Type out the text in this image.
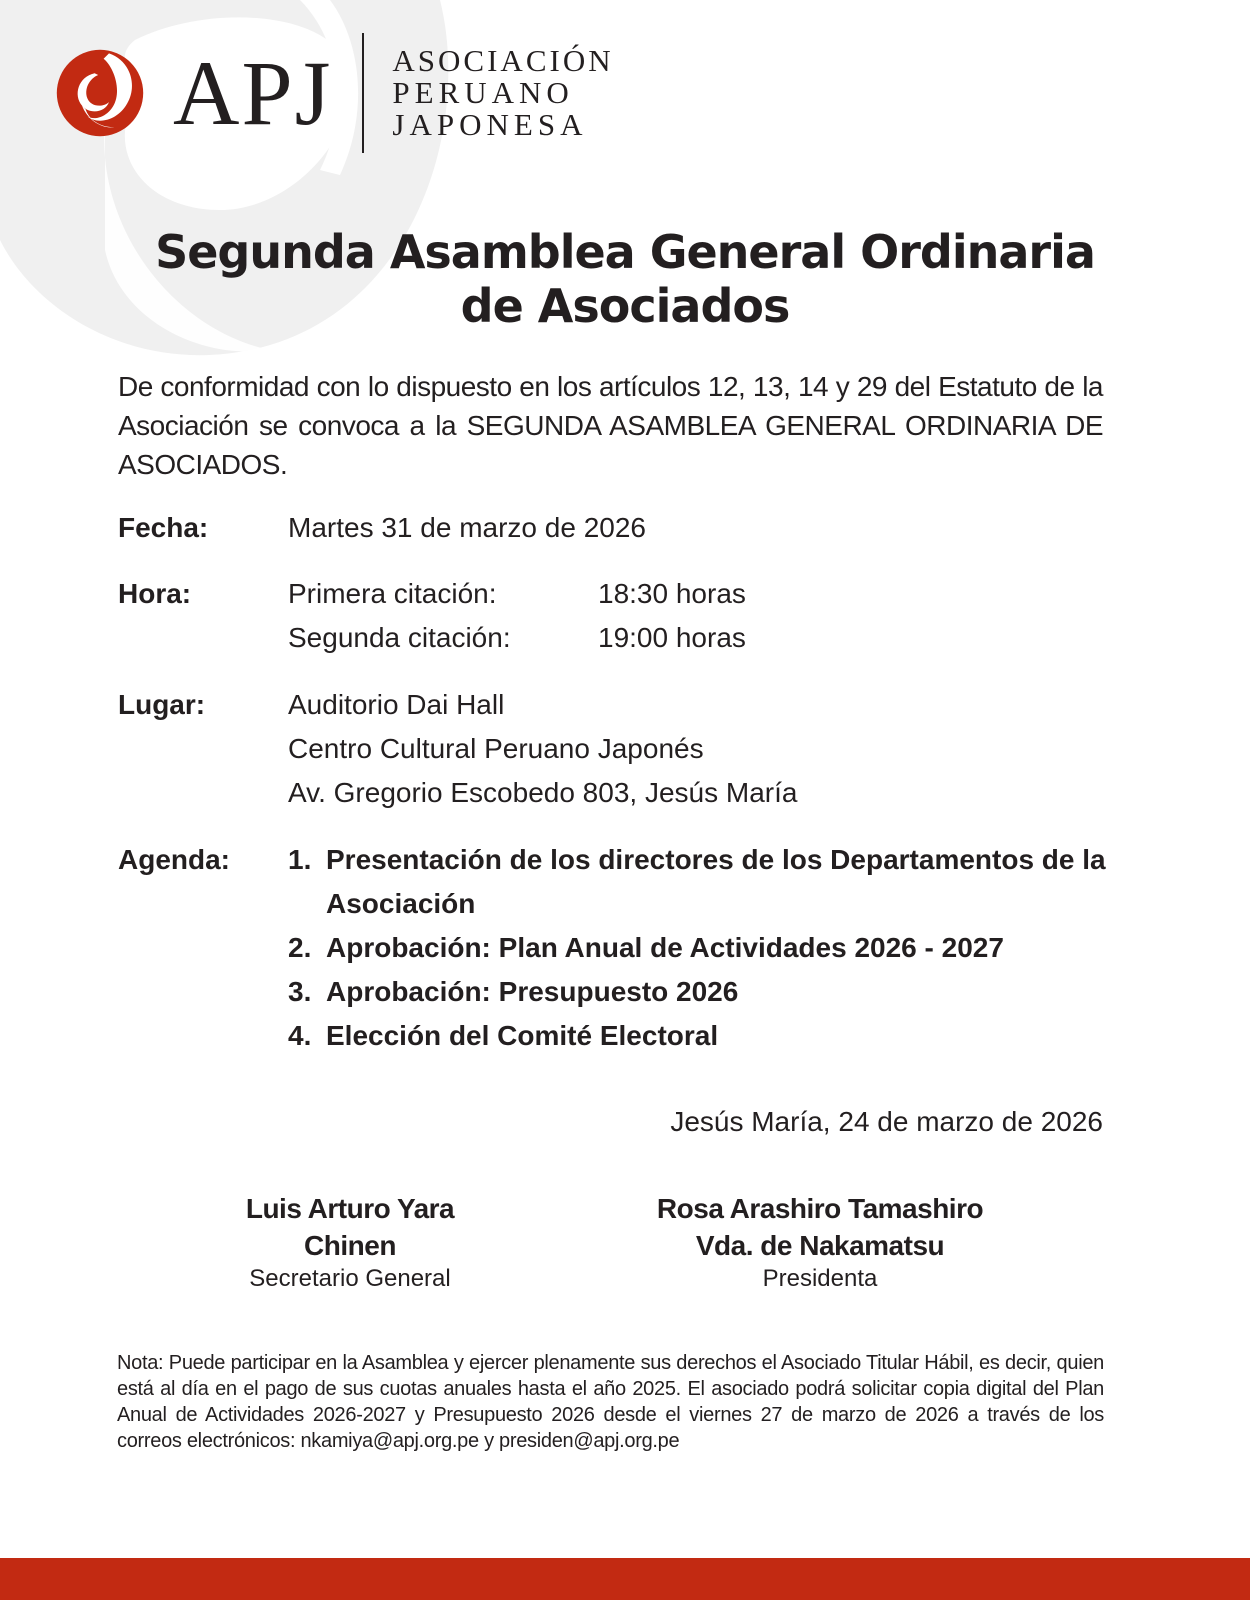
APJ ASOCIACIÓN
PERUANO
JAPONESA
Segunda Asamblea General Ordinaria
de Asociados
De conformidad con lo dispuesto en los artículos 12, 13, 14 y 29 del Estatuto de la Asociación se convoca a la SEGUNDA ASAMBLEA GENERAL ORDINARIA DE ASOCIADOS.
Fecha:	Martes 31 de marzo de 2026
Hora:	Primera citación:	18:30 horas
Segunda citación:	19:00 horas
Lugar:	Auditorio Dai Hall
Centro Cultural Peruano Japonés
Av. Gregorio Escobedo 803, Jesús María
Agenda: 1. Presentación de los directores de los Departamentos de la Asociación
2. Aprobación: Plan Anual de Actividades 2026 - 2027
3. Aprobación: Presupuesto 2026
4. Elección del Comité Electoral
Jesús María, 24 de marzo de 2026
Luis Arturo Yara
Chinen
Secretario General
Rosa Arashiro Tamashiro
Vda. de Nakamatsu
Presidenta
Nota: Puede participar en la Asamblea y ejercer plenamente sus derechos el Asociado Titular Hábil, es decir, quien está al día en el pago de sus cuotas anuales hasta el año 2025. El asociado podrá solicitar copia digital del Plan Anual de Actividades 2026-2027 y Presupuesto 2026 desde el viernes 27 de marzo de 2026 a través de los correos electrónicos: nkamiya@apj.org.pe y presiden@apj.org.pe
